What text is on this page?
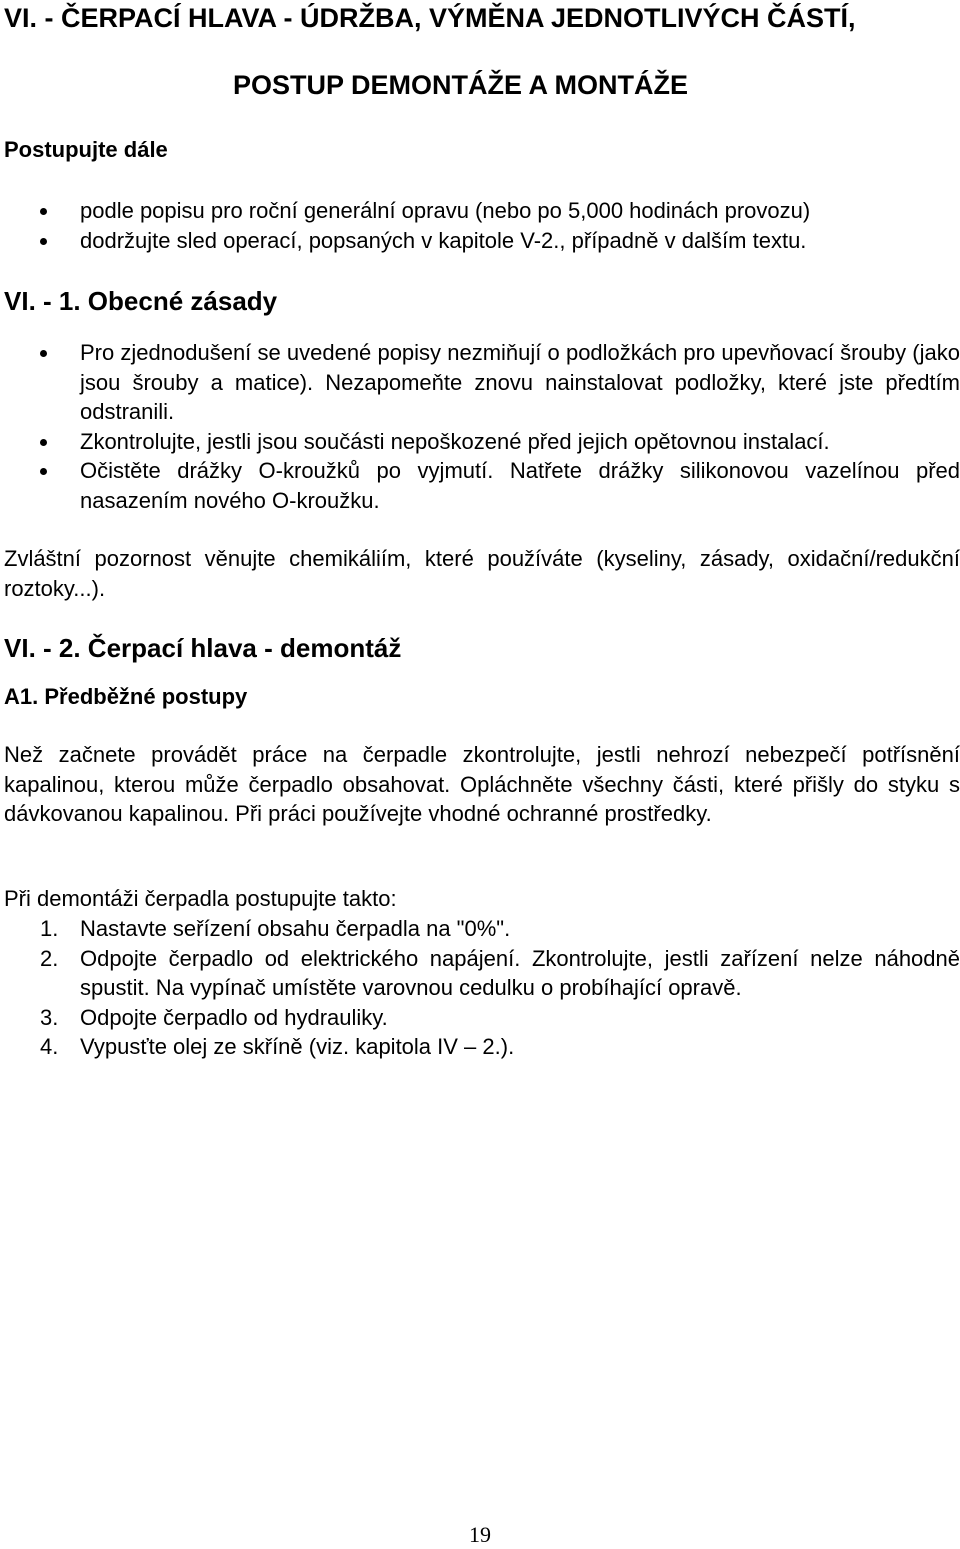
VI. - ČERPACÍ HLAVA - ÚDRŽBA, VÝMĚNA JEDNOTLIVÝCH ČÁSTÍ,
POSTUP DEMONTÁŽE A MONTÁŽE
Postupujte dále
podle popisu pro roční generální opravu (nebo po 5,000 hodinách provozu)
dodržujte sled operací, popsaných v kapitole V-2., případně v dalším textu.
VI. - 1. Obecné zásady
Pro zjednodušení se uvedené popisy nezmiňují o podložkách pro upevňovací šrouby (jako jsou šrouby a matice). Nezapomeňte znovu nainstalovat podložky, které jste předtím odstranili.
Zkontrolujte, jestli jsou součásti nepoškozené před jejich opětovnou instalací.
Očistěte drážky O-kroužků po vyjmutí. Natřete drážky silikonovou vazelínou před nasazením nového O-kroužku.

Zvláštní pozornost věnujte chemikáliím, které používáte (kyseliny, zásady, oxidační/redukční roztoky...).

VI. - 2. Čerpací hlava - demontáž
A1. Předběžné postupy

Než začnete provádět práce na čerpadle zkontrolujte, jestli nehrozí nebezpečí potřísnění kapalinou, kterou může čerpadlo obsahovat. Opláchněte všechny části, které přišly do styku s dávkovanou kapalinou. Při práci používejte vhodné ochranné prostředky.

Při demontáži čerpadla postupujte takto:

1. Nastavte seřízení obsahu čerpadla na "0%".
2. Odpojte čerpadlo od elektrického napájení. Zkontrolujte, jestli zařízení nelze náhodně spustit. Na vypínač umístěte varovnou cedulku o probíhající opravě.
3. Odpojte čerpadlo od hydrauliky.
4. Vypusťte olej ze skříně (viz. kapitola IV – 2.).
19
